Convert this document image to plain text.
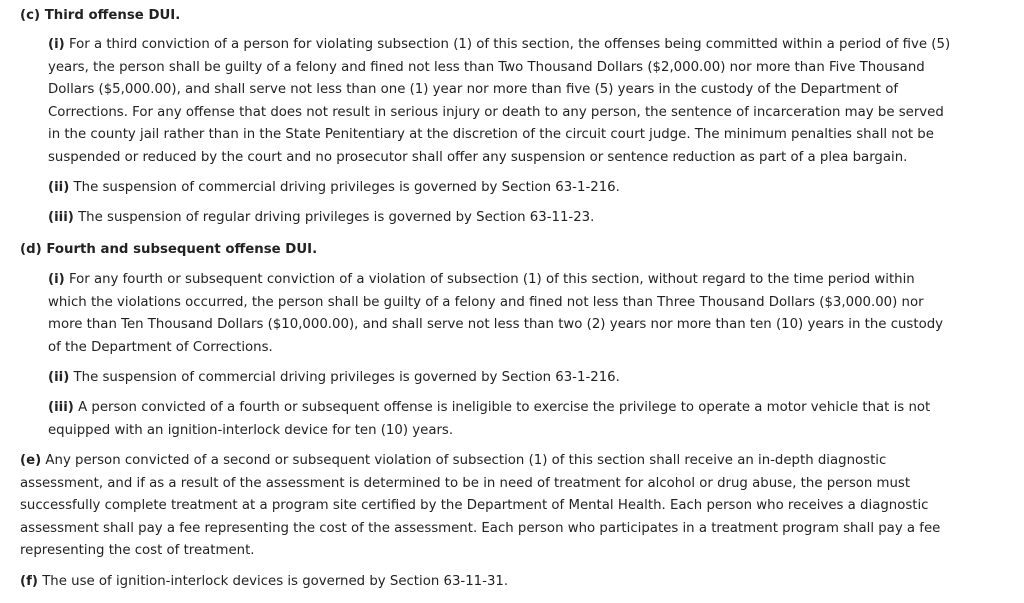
(c) Third offense DUI.
(i) For a third conviction of a person for violating subsection (1) of this section, the offenses being committed within a period of five (5)
years, the person shall be guilty of a felony and fined not less than Two Thousand Dollars ($2,000.00) nor more than Five Thousand
Dollars ($5,000.00), and shall serve not less than one (1) year nor more than five (5) years in the custody of the Department of
Corrections. For any offense that does not result in serious injury or death to any person, the sentence of incarceration may be served
in the county jail rather than in the State Penitentiary at the discretion of the circuit court judge. The minimum penalties shall not be
suspended or reduced by the court and no prosecutor shall offer any suspension or sentence reduction as part of a plea bargain.
(ii) The suspension of commercial driving privileges is governed by Section 63-1-216.
(iii) The suspension of regular driving privileges is governed by Section 63-11-23.
(d) Fourth and subsequent offense DUI.
(i) For any fourth or subsequent conviction of a violation of subsection (1) of this section, without regard to the time period within
which the violations occurred, the person shall be guilty of a felony and fined not less than Three Thousand Dollars ($3,000.00) nor
more than Ten Thousand Dollars ($10,000.00), and shall serve not less than two (2) years nor more than ten (10) years in the custody
of the Department of Corrections.
(ii) The suspension of commercial driving privileges is governed by Section 63-1-216.
(iii) A person convicted of a fourth or subsequent offense is ineligible to exercise the privilege to operate a motor vehicle that is not
equipped with an ignition-interlock device for ten (10) years.
(e) Any person convicted of a second or subsequent violation of subsection (1) of this section shall receive an in-depth diagnostic
assessment, and if as a result of the assessment is determined to be in need of treatment for alcohol or drug abuse, the person must
successfully complete treatment at a program site certified by the Department of Mental Health. Each person who receives a diagnostic
assessment shall pay a fee representing the cost of the assessment. Each person who participates in a treatment program shall pay a fee
representing the cost of treatment.
(f) The use of ignition-interlock devices is governed by Section 63-11-31.
